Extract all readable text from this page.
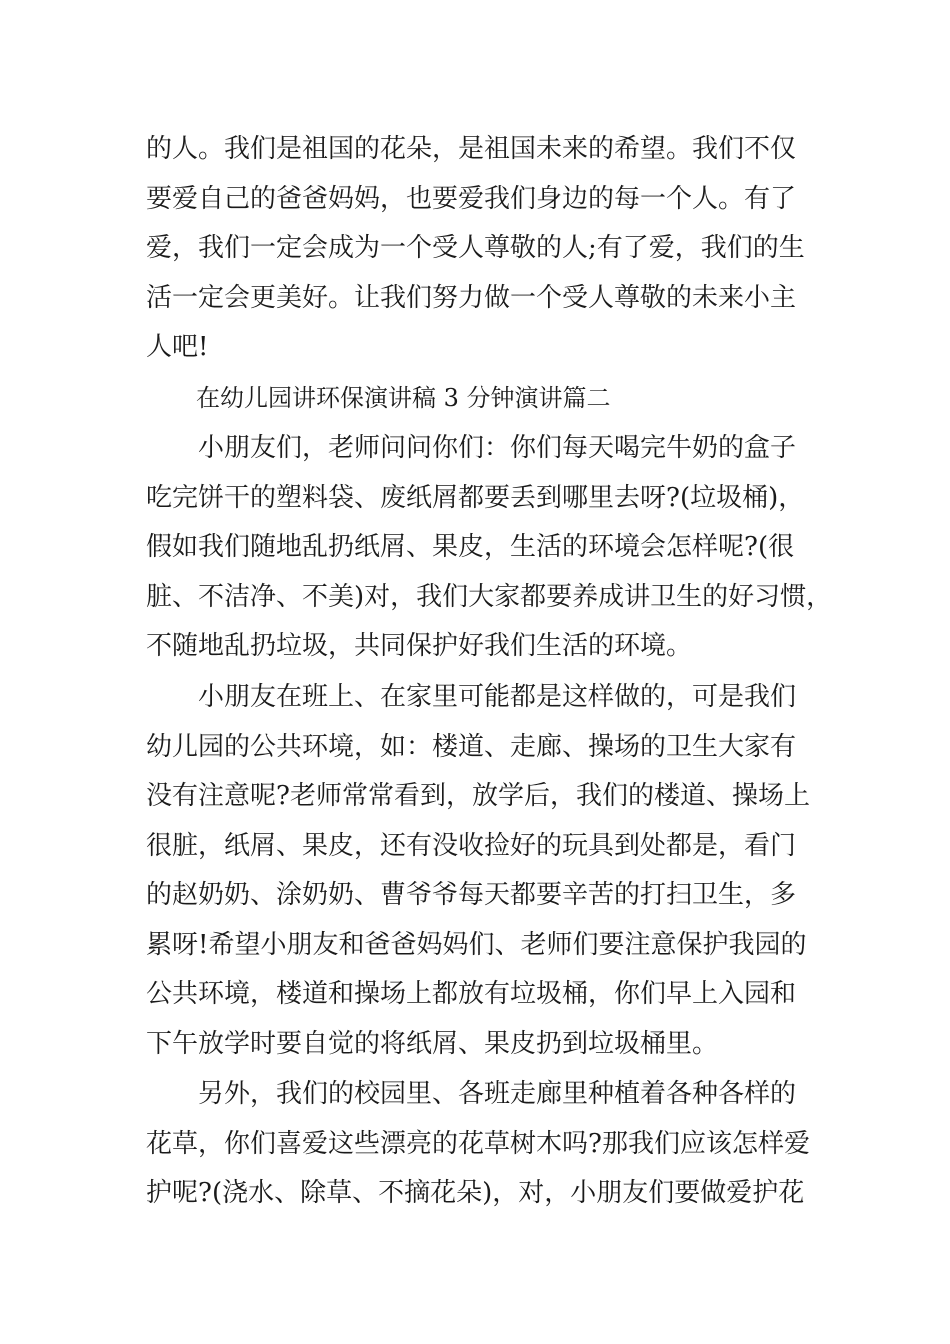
的人。我们是祖国的花朵，是祖国未来的希望。我们不仅
要爱自己的爸爸妈妈，也要爱我们身边的每一个人。有了
爱，我们一定会成为一个受人尊敬的人;有了爱，我们的生
活一定会更美好。让我们努力做一个受人尊敬的未来小主
人吧!
在幼儿园讲环保演讲稿 3 分钟演讲篇二
小朋友们，老师问问你们：你们每天喝完牛奶的盒子
吃完饼干的塑料袋、废纸屑都要丢到哪里去呀?(垃圾桶)，
假如我们随地乱扔纸屑、果皮，生活的环境会怎样呢?(很
脏、不洁净、不美)对，我们大家都要养成讲卫生的好习惯，
不随地乱扔垃圾，共同保护好我们生活的环境。
小朋友在班上、在家里可能都是这样做的，可是我们
幼儿园的公共环境，如：楼道、走廊、操场的卫生大家有
没有注意呢?老师常常看到，放学后，我们的楼道、操场上
很脏，纸屑、果皮，还有没收捡好的玩具到处都是，看门
的赵奶奶、涂奶奶、曹爷爷每天都要辛苦的打扫卫生，多
累呀!希望小朋友和爸爸妈妈们、老师们要注意保护我园的
公共环境，楼道和操场上都放有垃圾桶，你们早上入园和
下午放学时要自觉的将纸屑、果皮扔到垃圾桶里。
另外，我们的校园里、各班走廊里种植着各种各样的
花草，你们喜爱这些漂亮的花草树木吗?那我们应该怎样爱
护呢?(浇水、除草、不摘花朵)，对，小朋友们要做爱护花
